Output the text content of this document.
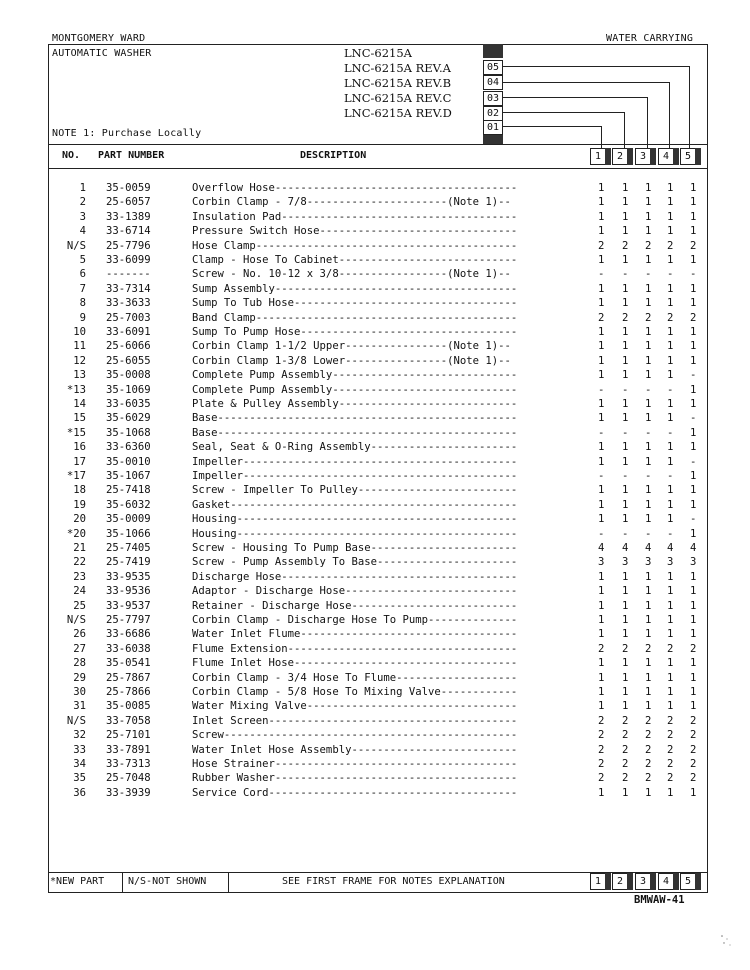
MONTGOMERY WARD	WATER CARRYING
AUTOMATIC WASHER
NOTE 1: Purchase Locally
LNC-6215A
LNC-6215A REV.A
LNC-6215A REV.B
LNC-6215A REV.C
LNC-6215A REV.D
05
04
03
02
01
NO. PART NUMBER	DESCRIPTION	1	2	3	4	5
1 35-0059	Overflow Hose--------------------------------------	1 1 1 1 1
2 25-6057	Corbin Clamp - 7/8----------------------(Note 1)--	1 1 1 1 1
3 33-1389	Insulation Pad-------------------------------------	1 1 1 1 1
4 33-6714	Pressure Switch Hose-------------------------------	1 1 1 1 1
N/S 25-7796	Hose Clamp-----------------------------------------	2 2 2 2 2
5 33-6099	Clamp - Hose To Cabinet----------------------------	1 1 1 1 1
6 -------	Screw - No. 10-12 x 3/8-----------------(Note 1)--	- - - - -
7 33-7314	Sump Assembly--------------------------------------	1 1 1 1 1
8 33-3633	Sump To Tub Hose-----------------------------------	1 1 1 1 1
9 25-7003	Band Clamp-----------------------------------------	2 2 2 2 2
10 33-6091	Sump To Pump Hose----------------------------------	1 1 1 1 1
11 25-6066	Corbin Clamp 1-1/2 Upper----------------(Note 1)--	1 1 1 1 1
12 25-6055	Corbin Clamp 1-3/8 Lower----------------(Note 1)--	1 1 1 1 1
13 35-0008	Complete Pump Assembly-----------------------------	1 1 1 1 -
*13 35-1069	Complete Pump Assembly-----------------------------	- - - - 1
14 33-6035	Plate & Pulley Assembly----------------------------	1 1 1 1 1
15 35-6029	Base-----------------------------------------------	1 1 1 1 -
*15 35-1068	Base-----------------------------------------------	- - - - 1
16 33-6360	Seal, Seat & O-Ring Assembly-----------------------	1 1 1 1 1
17 35-0010	Impeller-------------------------------------------	1 1 1 1 -
*17 35-1067	Impeller-------------------------------------------	- - - - 1
18 25-7418	Screw - Impeller To Pulley-------------------------	1 1 1 1 1
19 35-6032	Gasket---------------------------------------------	1 1 1 1 1
20 35-0009	Housing--------------------------------------------	1 1 1 1 -
*20 35-1066	Housing--------------------------------------------	- - - - 1
21 25-7405	Screw - Housing To Pump Base-----------------------	4 4 4 4 4
22 25-7419	Screw - Pump Assembly To Base----------------------	3 3 3 3 3
23 33-9535	Discharge Hose-------------------------------------	1 1 1 1 1
24 33-9536	Adaptor - Discharge Hose---------------------------	1 1 1 1 1
25 33-9537	Retainer - Discharge Hose--------------------------	1 1 1 1 1
N/S 25-7797	Corbin Clamp - Discharge Hose To Pump--------------	1 1 1 1 1
26 33-6686	Water Inlet Flume----------------------------------	1 1 1 1 1
27 33-6038	Flume Extension------------------------------------	2 2 2 2 2
28 35-0541	Flume Inlet Hose-----------------------------------	1 1 1 1 1
29 25-7867	Corbin Clamp - 3/4 Hose To Flume-------------------	1 1 1 1 1
30 25-7866	Corbin Clamp - 5/8 Hose To Mixing Valve------------	1 1 1 1 1
31 35-0085	Water Mixing Valve---------------------------------	1 1 1 1 1
N/S 33-7058	Inlet Screen---------------------------------------	2 2 2 2 2
32 25-7101	Screw----------------------------------------------	2 2 2 2 2
33 33-7891	Water Inlet Hose Assembly--------------------------	2 2 2 2 2
34 33-7313	Hose Strainer--------------------------------------	2 2 2 2 2
35 25-7048	Rubber Washer--------------------------------------	2 2 2 2 2
36 33-3939	Service Cord---------------------------------------	1 1 1 1 1
*NEW PART N/S-NOT SHOWN	SEE FIRST FRAME FOR NOTES EXPLANATION	1	2	3	4	5
BMWAW-41
